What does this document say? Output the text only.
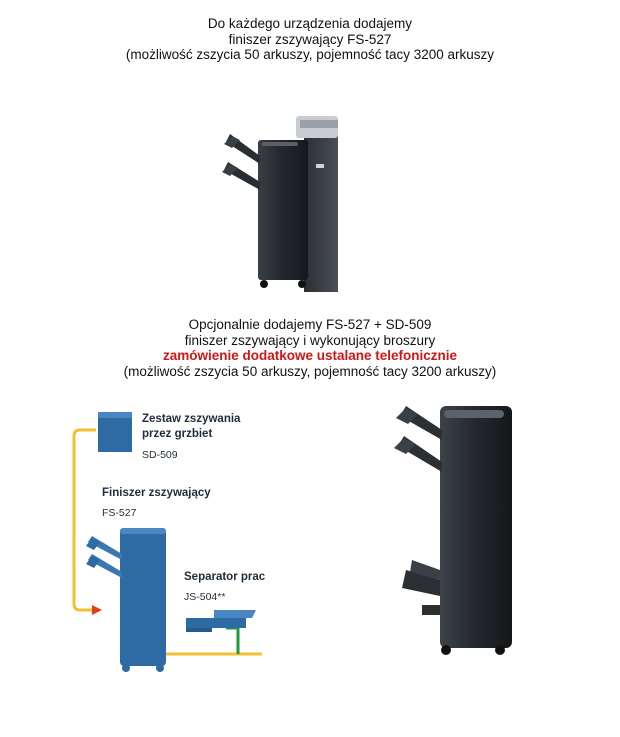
Do każdego urządzenia dodajemy
finiszer zszywający FS-527
(możliwość zszycia 50 arkuszy, pojemność tacy 3200 arkuszy
Opcjonalnie dodajemy FS-527 + SD-509
finiszer zszywający i wykonujący broszury
zamówienie dodatkowe ustalane telefonicznie
(możliwość zszycia 50 arkuszy, pojemność tacy 3200 arkuszy)
Zestaw zszywania
przez grzbiet
SD-509
Finiszer zszywający
FS-527
Separator prac
JS-504**
